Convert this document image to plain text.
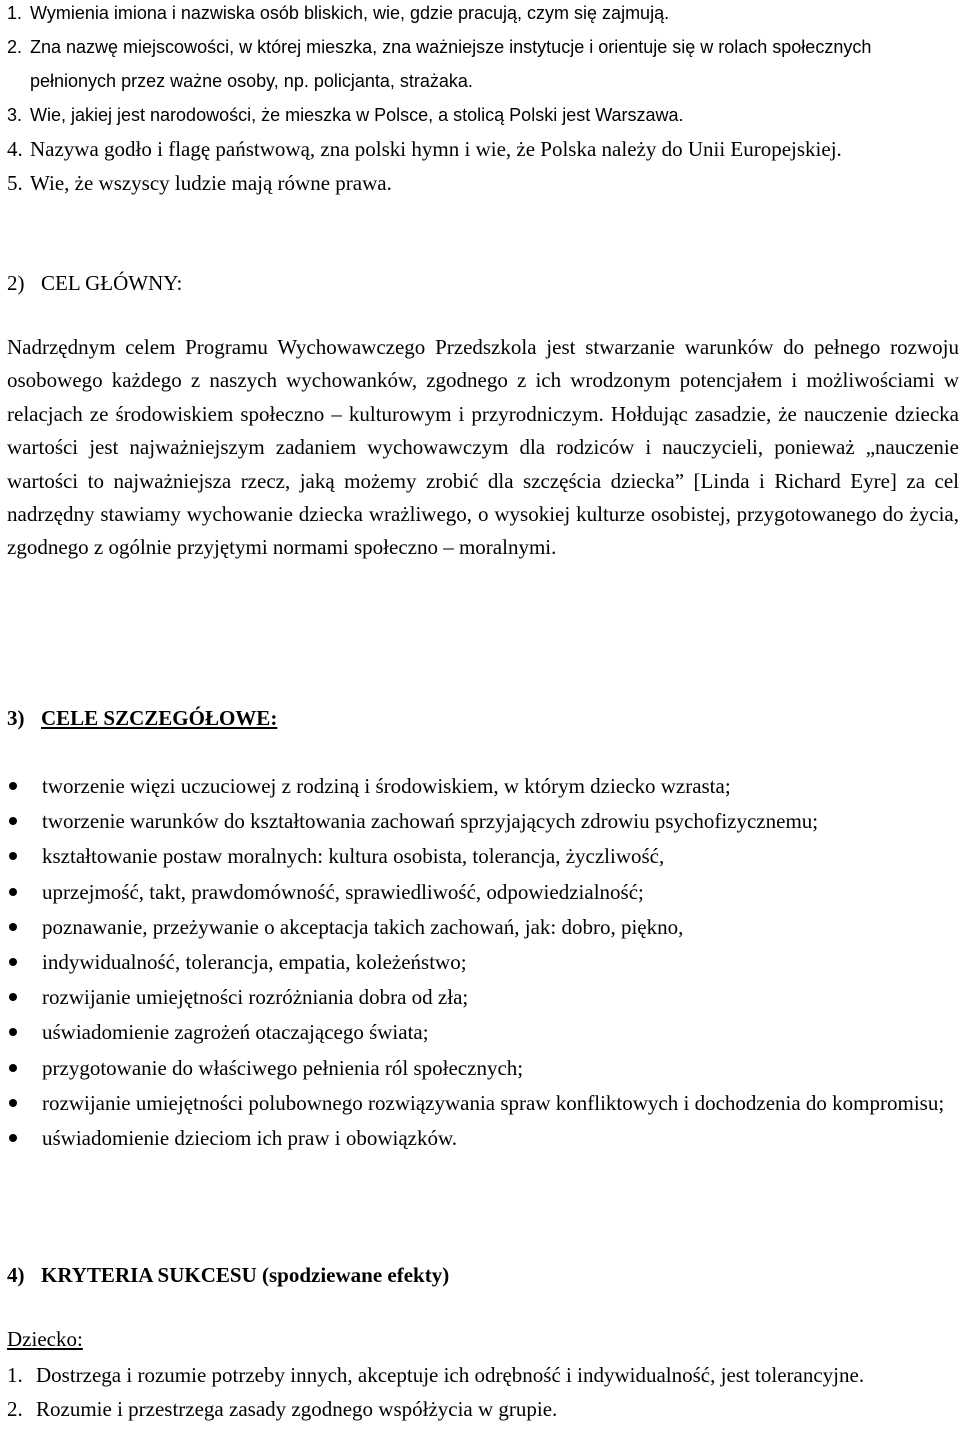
1. Wymienia imiona i nazwiska osób bliskich, wie, gdzie pracują, czym się zajmują.
2. Zna nazwę miejscowości, w której mieszka, zna ważniejsze instytucje i orientuje się w rolach społecznych pełnionych przez ważne osoby, np. policjanta, strażaka.
3. Wie, jakiej jest narodowości, że mieszka w Polsce, a stolicą Polski jest Warszawa.
4. Nazywa godło i flagę państwową, zna polski hymn i wie, że Polska należy do Unii Europejskiej.
5. Wie, że wszyscy ludzie mają równe prawa.
2) CEL GŁÓWNY:

Nadrzędnym celem Programu Wychowawczego Przedszkola jest stwarzanie warunków do pełnego rozwoju osobowego każdego z naszych wychowanków, zgodnego z ich wrodzonym potencjałem i możliwościami w relacjach ze środowiskiem społeczno – kulturowym i przyrodniczym. Hołdując zasadzie, że nauczenie dziecka wartości jest najważniejszym zadaniem wychowawczym dla rodziców i nauczycieli, ponieważ „nauczenie wartości to najważniejsza rzecz, jaką możemy zrobić dla szczęścia dziecka” [Linda i Richard Eyre] za cel nadrzędny stawiamy wychowanie dziecka wrażliwego, o wysokiej kulturze osobistej, przygotowanego do życia, zgodnego z ogólnie przyjętymi normami społeczno – moralnymi.

3) CELE SZCZEGÓŁOWE:
tworzenie więzi uczuciowej z rodziną i środowiskiem, w którym dziecko wzrasta;
tworzenie warunków do kształtowania zachowań sprzyjających zdrowiu psychofizycznemu;
kształtowanie postaw moralnych: kultura osobista, tolerancja, życzliwość,
uprzejmość, takt, prawdomówność, sprawiedliwość, odpowiedzialność;
poznawanie, przeżywanie o akceptacja takich zachowań, jak: dobro, piękno,
indywidualność, tolerancja, empatia, koleżeństwo;
rozwijanie umiejętności rozróżniania dobra od zła;
uświadomienie zagrożeń otaczającego świata;
przygotowanie do właściwego pełnienia ról społecznych;
rozwijanie umiejętności polubownego rozwiązywania spraw konfliktowych i dochodzenia do kompromisu;
uświadomienie dzieciom ich praw i obowiązków.
4) KRYTERIA SUKCESU (spodziewane efekty)
Dziecko:
1. Dostrzega i rozumie potrzeby innych, akceptuje ich odrębność i indywidualność, jest tolerancyjne.
2. Rozumie i przestrzega zasady zgodnego współżycia w grupie.
